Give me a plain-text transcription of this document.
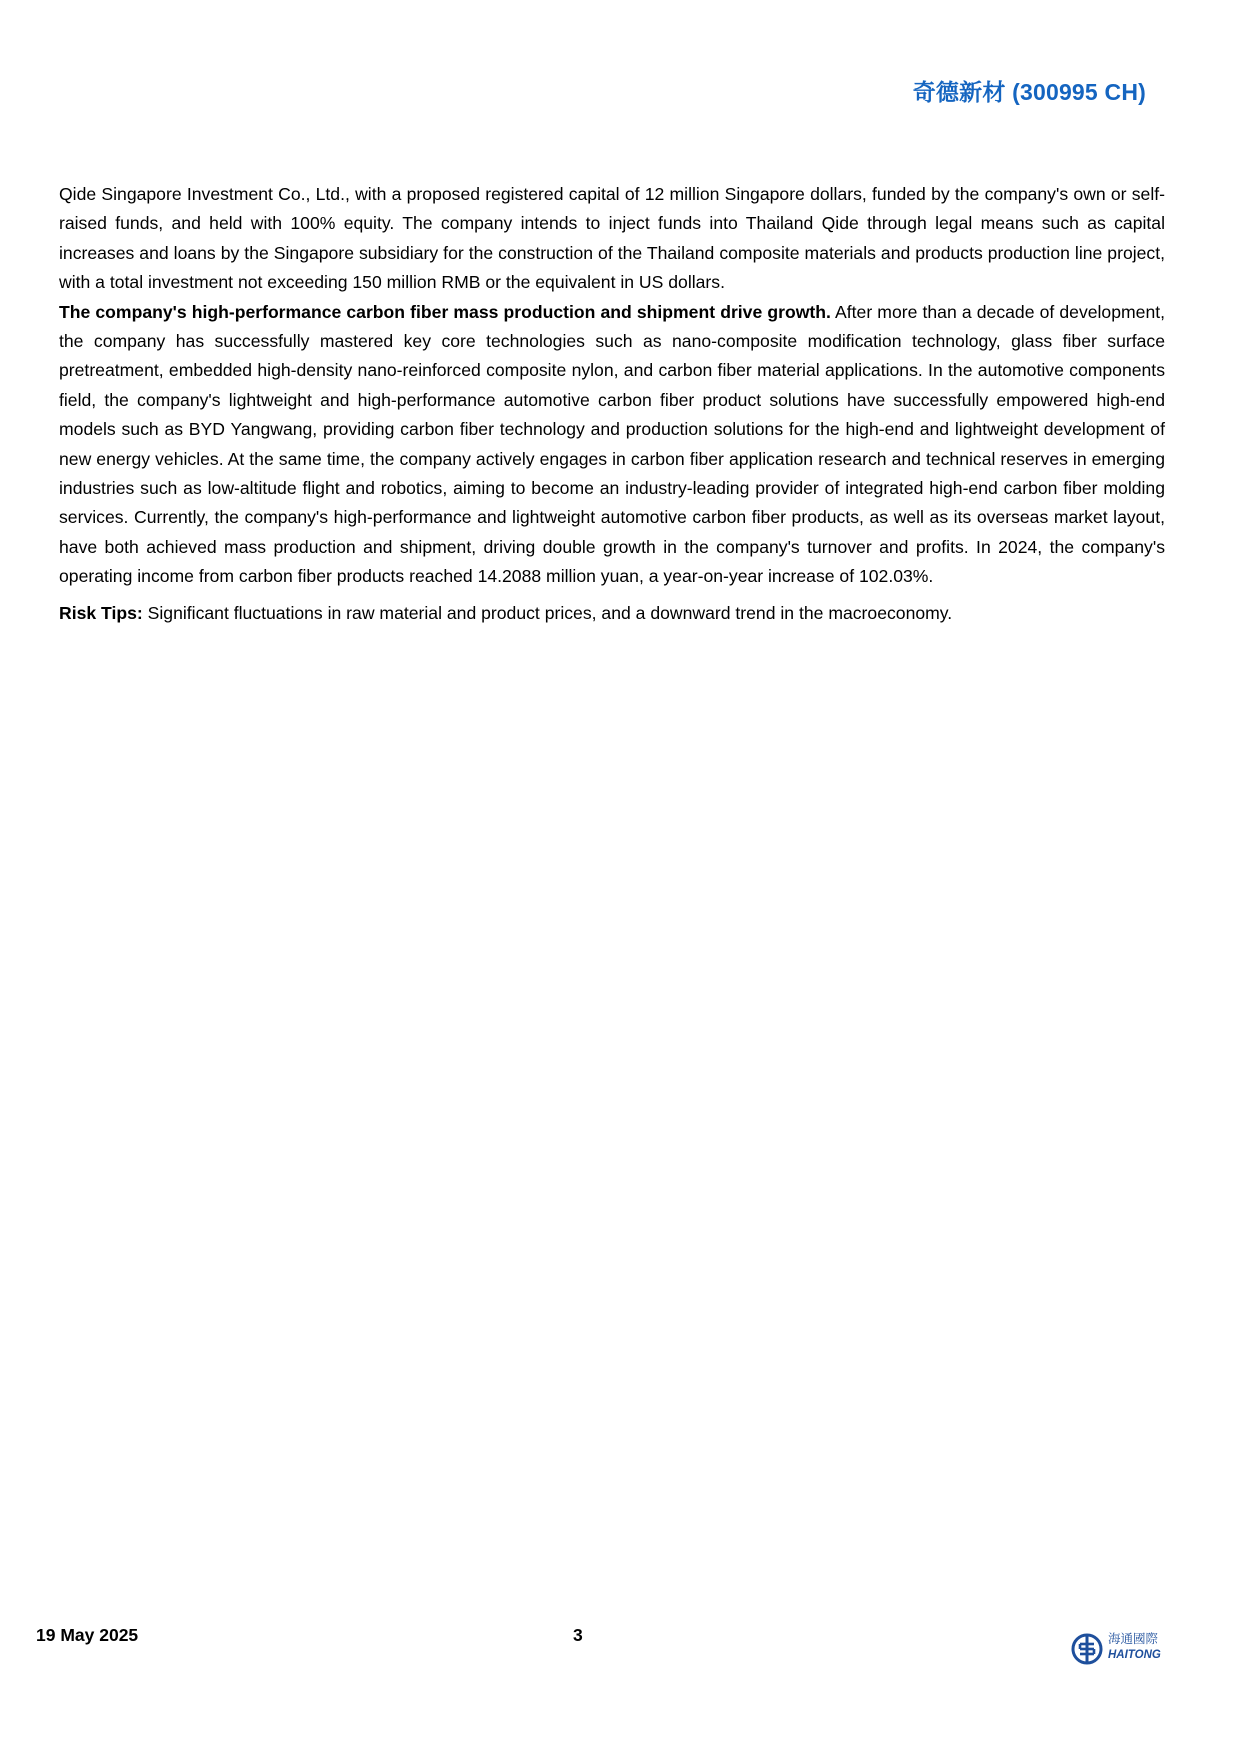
奇德新材 (300995 CH)

Qide Singapore Investment Co., Ltd., with a proposed registered capital of 12 million Singapore dollars, funded by the company's own or self-raised funds, and held with 100% equity. The company intends to inject funds into Thailand Qide through legal means such as capital increases and loans by the Singapore subsidiary for the construction of the Thailand composite materials and products production line project, with a total investment not exceeding 150 million RMB or the equivalent in US dollars.

The company's high-performance carbon fiber mass production and shipment drive growth. After more than a decade of development, the company has successfully mastered key core technologies such as nano-composite modification technology, glass fiber surface pretreatment, embedded high-density nano-reinforced composite nylon, and carbon fiber material applications. In the automotive components field, the company's lightweight and high-performance automotive carbon fiber product solutions have successfully empowered high-end models such as BYD Yangwang, providing carbon fiber technology and production solutions for the high-end and lightweight development of new energy vehicles. At the same time, the company actively engages in carbon fiber application research and technical reserves in emerging industries such as low-altitude flight and robotics, aiming to become an industry-leading provider of integrated high-end carbon fiber molding services. Currently, the company's high-performance and lightweight automotive carbon fiber products, as well as its overseas market layout, have both achieved mass production and shipment, driving double growth in the company's turnover and profits. In 2024, the company's operating income from carbon fiber products reached 14.2088 million yuan, a year-on-year increase of 102.03%.

Risk Tips: Significant fluctuations in raw material and product prices, and a downward trend in the macroeconomy.

19 May 2025	3	海通國際
HAITONG
